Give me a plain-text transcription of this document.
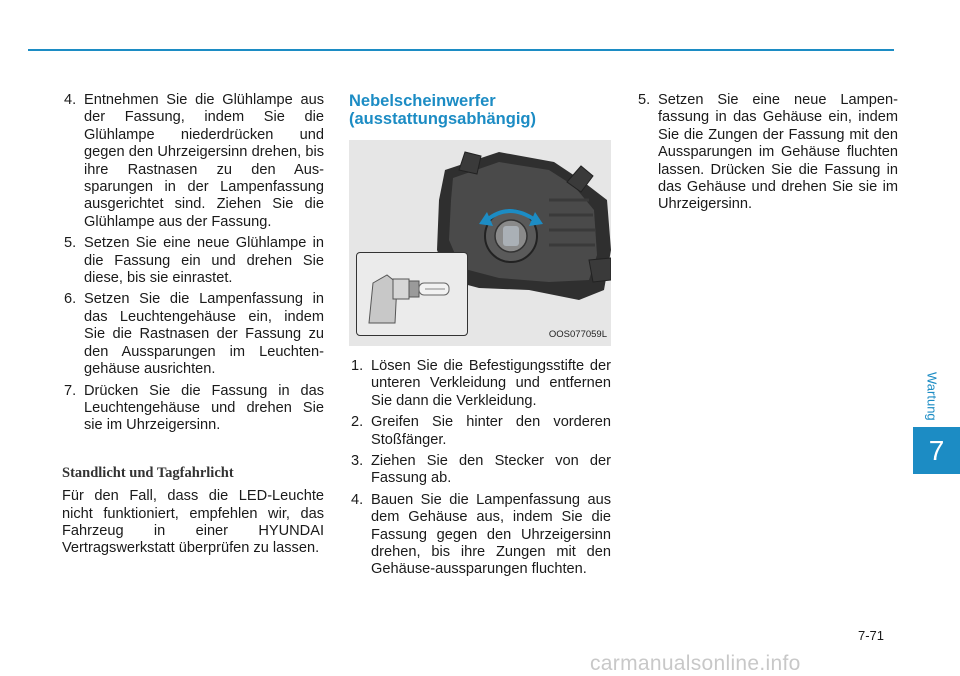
4. Entnehmen Sie die Glühlampe aus der Fassung, indem Sie die Glühlampe niederdrücken und gegen den Uhrzeigersinn drehen, bis ihre Rastnasen zu den Aus-sparungen in der Lampenfassung ausgerichtet sind. Ziehen Sie die Glühlampe aus der Fassung.
5. Setzen Sie eine neue Glühlampe in die Fassung ein und drehen Sie diese, bis sie einrastet.
6. Setzen Sie die Lampenfassung in das Leuchtengehäuse ein, indem Sie die Rastnasen der Fassung zu den Aussparungen im Leuchten-gehäuse ausrichten.
7. Drücken Sie die Fassung in das Leuchtengehäuse und drehen Sie sie im Uhrzeigersinn.
Standlicht und Tagfahrlicht

Für den Fall, dass die LED-Leuchte nicht funktioniert, empfehlen wir, das Fahrzeug in einer HYUNDAI Vertragswerkstatt überprüfen zu lassen.

Nebelscheinwerfer
(ausstattungsabhängig)
OOS077059L
1. Lösen Sie die Befestigungsstifte der unteren Verkleidung und entfernen Sie dann die Verkleidung.
2. Greifen Sie hinter den vorderen Stoßfänger.
3. Ziehen Sie den Stecker von der Fassung ab.
4. Bauen Sie die Lampenfassung aus dem Gehäuse aus, indem Sie die Fassung gegen den Uhrzeigersinn drehen, bis ihre Zungen mit den Gehäuse-aussparungen fluchten.
5. Setzen Sie eine neue Lampen-fassung in das Gehäuse ein, indem Sie die Zungen der Fassung mit den Aussparungen im Gehäuse fluchten lassen. Drücken Sie die Fassung in das Gehäuse und drehen Sie sie im Uhrzeigersinn.
Wartung
7
7-71
carmanualsonline.info
